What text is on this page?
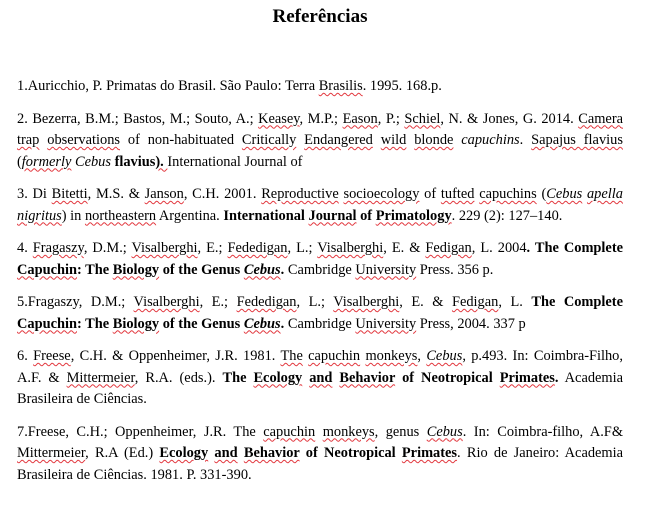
Referências

1.Auricchio, P. Primatas do Brasil. São Paulo: Terra Brasilis. 1995. 168.p.

2. Bezerra, B.M.; Bastos, M.; Souto, A.; Keasey, M.P.; Eason, P.; Schiel, N. & Jones, G. 2014. Camera trap observations of non-habituated Critically Endangered wild blonde capuchins. Sapajus flavius (formerly Cebus flavius). International Journal of

3. Di Bitetti, M.S. & Janson, C.H. 2001. Reproductive socioecology of tufted capuchins (Cebus apella nigritus) in northeastern Argentina. International Journal of Primatology. 229 (2): 127–140.

4. Fragaszy, D.M.; Visalberghi, E.; Fededigan, L.; Visalberghi, E. & Fedigan, L. 2004. The Complete Capuchin: The Biology of the Genus Cebus. Cambridge University Press. 356 p.

5.Fragaszy, D.M.; Visalberghi, E.; Fededigan, L.; Visalberghi, E. & Fedigan, L. The Complete Capuchin: The Biology of the Genus Cebus. Cambridge University Press, 2004. 337 p

6. Freese, C.H. & Oppenheimer, J.R. 1981. The capuchin monkeys, Cebus, p.493. In: Coimbra-Filho, A.F. & Mittermeier, R.A. (eds.). The Ecology and Behavior of Neotropical Primates. Academia Brasileira de Ciências.

7.Freese, C.H.; Oppenheimer, J.R. The capuchin monkeys, genus Cebus. In: Coimbra-filho, A.F& Mittermeier, R.A (Ed.) Ecology and Behavior of Neotropical Primates. Rio de Janeiro: Academia Brasileira de Ciências. 1981. P. 331-390.
